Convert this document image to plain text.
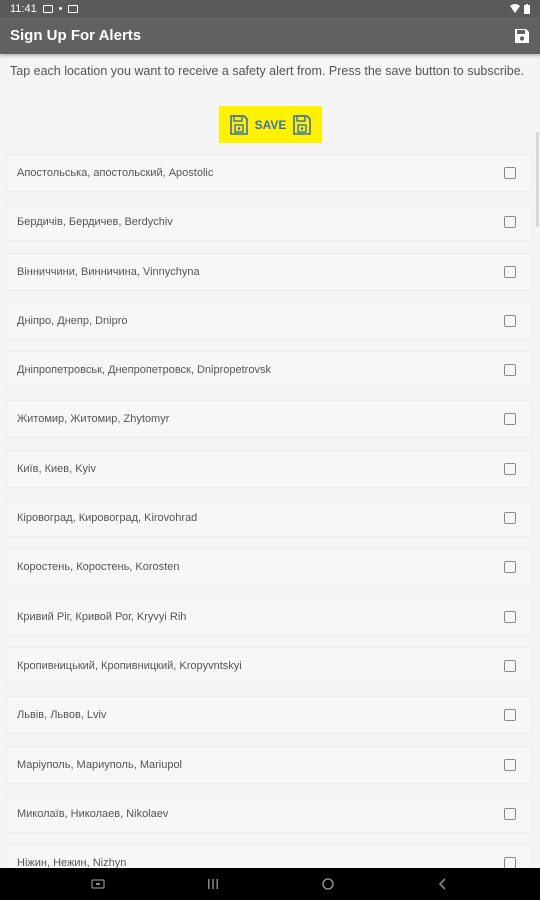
11:41
Sign Up For Alerts
Tap each location you want to receive a safety alert from. Press the save button to subscribe.
SAVE
Апостольська, апостольский, Apostolic
Бердичів, Бердичев, Berdychiv
Вінниччини, Винничина, Vinnychyna
Дніпро, Днепр, Dnipro
Дніпропетровськ, Днепропетровск, Dnipropetrovsk
Житомир, Житомир, Zhytomyr
Київ, Киев, Kyiv
Кіровоград, Кировоград, Kirovohrad
Коростень, Коростень, Korosten
Кривий Ріг, Кривой Рог, Kryvyi Rih
Кропивницький, Кропивницкий, Kropyvntskyi
Львів, Львов, Lviv
Маріуполь, Мариуполь, Mariupol
Миколаїв, Николаев, Nikolaev
Ніжин, Нежин, Nizhyn
